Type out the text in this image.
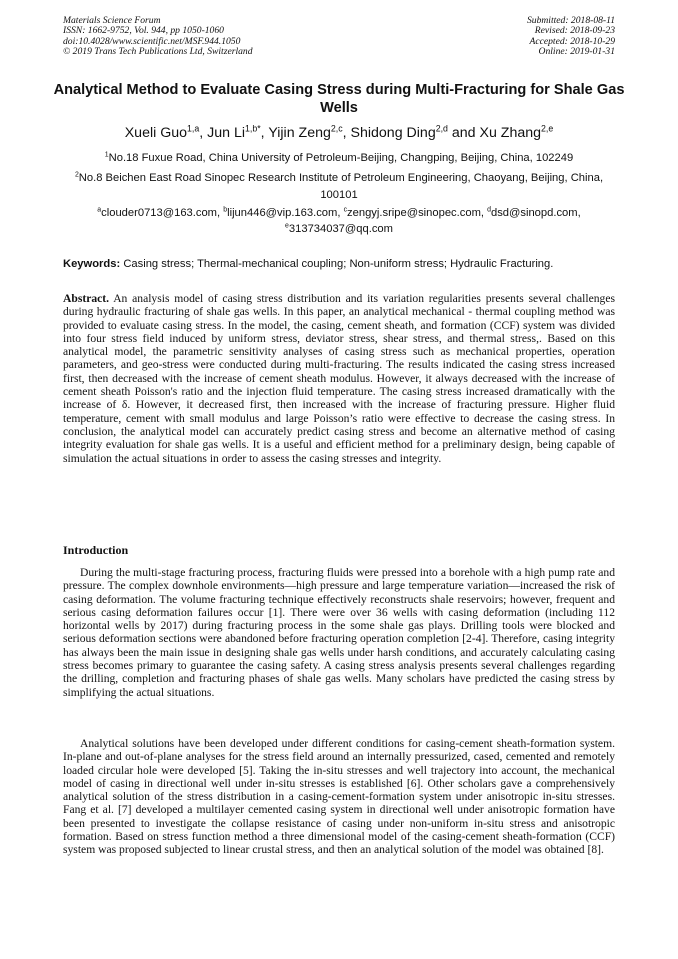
Materials Science Forum
ISSN: 1662-9752, Vol. 944, pp 1050-1060
doi:10.4028/www.scientific.net/MSF.944.1050
© 2019 Trans Tech Publications Ltd, Switzerland
Submitted: 2018-08-11
Revised: 2018-09-23
Accepted: 2018-10-29
Online: 2019-01-31
Analytical Method to Evaluate Casing Stress during Multi-Fracturing for Shale Gas Wells
Xueli Guo$^{1,a}$, Jun $Li^{1,b*}$, Yijin Zeng$^{2,c}$, Shidong Ding$^{2,d}$ and Xu Zhang$^{2,e}$
$^1$No.18 Fuxue Road, China University of Petroleum-Beijing, Changping, Beijing, China, 102249
$^2$No.8 Beichen East Road Sinopec Research Institute of Petroleum Engineering, Chaoyang, Beijing, China, 100101
$^a$clouder0713@163.com, $^b$lijun446@vip.163.com, $^c$zengyj.sripe@sinopec.com, $^d$dsd@sinopd.com, $^e$313734037@qq.com
Keywords: Casing stress; Thermal-mechanical coupling; Non-uniform stress; Hydraulic Fracturing.

Abstract. An analysis model of casing stress distribution and its variation regularities presents several challenges during hydraulic fracturing of shale gas wells. In this paper, an analytical mechanical - thermal coupling method was provided to evaluate casing stress. In the model, the casing, cement sheath, and formation (CCF) system was divided into four stress field induced by uniform stress, deviator stress, shear stress, and thermal stress,. Based on this analytical model, the parametric sensitivity analyses of casing stress such as mechanical properties, operation parameters, and geo-stress were conducted during multi-fracturing. The results indicated the casing stress increased first, then decreased with the increase of cement sheath modulus. However, it always decreased with the increase of cement sheath Poisson's ratio and the injection fluid temperature. The casing stress increased dramatically with the increase of δ. However, it decreased first, then increased with the increase of fracturing pressure. Higher fluid temperature, cement with small modulus and large Poisson’s ratio were effective to decrease the casing stress. In conclusion, the analytical model can accurately predict casing stress and become an alternative method of casing integrity evaluation for shale gas wells. It is a useful and efficient method for a preliminary design, being capable of simulation the actual situations in order to assess the casing stresses and integrity.

Introduction

During the multi-stage fracturing process, fracturing fluids were pressed into a borehole with a high pump rate and pressure. The complex downhole environments—high pressure and large temperature variation—increased the risk of casing deformation. The volume fracturing technique effectively reconstructs shale reservoirs; however, frequent and serious casing deformation failures occur [1]. There were over 36 wells with casing deformation (including 112 horizontal wells by 2017) during fracturing process in the some shale gas plays. Drilling tools were blocked and serious deformation sections were abandoned before fracturing operation completion [2-4]. Therefore, casing integrity has always been the main issue in designing shale gas wells under harsh conditions, and accurately calculating casing stress becomes primary to guarantee the casing safety. A casing stress analysis presents several challenges regarding the drilling, completion and fracturing phases of shale gas wells. Many scholars have predicted the casing stress by simplifying the actual situations.

Analytical solutions have been developed under different conditions for casing-cement sheath-formation system. In-plane and out-of-plane analyses for the stress field around an internally pressurized, cased, cemented and remotely loaded circular hole were developed [5]. Taking the in-situ stresses and well trajectory into account, the mechanical model of casing in directional well under in-situ stresses is established [6]. Other scholars gave a comprehensively analytical solution of the stress distribution in a casing-cement-formation system under anisotropic in-situ stresses. Fang et al. [7] developed a multilayer cemented casing system in directional well under anisotropic formation have been presented to investigate the collapse resistance of casing under non-uniform in-situ stress and anisotropic formation. Based on stress function method a three dimensional model of the casing-cement sheath-formation (CCF) system was proposed subjected to linear crustal stress, and then an analytical solution of the model was obtained [8].
